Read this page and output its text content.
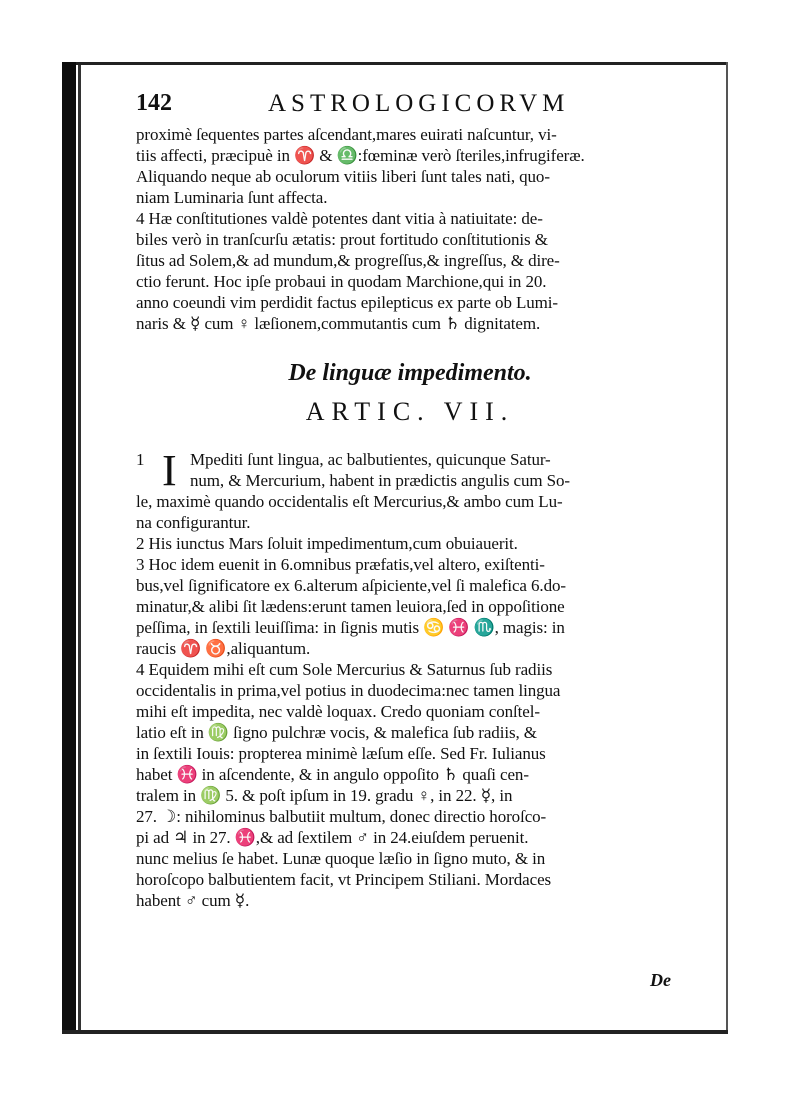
142	ASTROLOGICORVM
proximè ſequentes partes aſcendant,mares euirati naſcuntur, vi-
tiis affecti, præcipuè in ♈ & ♎:fœminæ verò ſteriles,infrugiferæ.
Aliquando neque ab oculorum vitiis liberi ſunt tales nati, quo-
niam Luminaria ſunt affecta.
4 Hæ conſtitutiones valdè potentes dant vitia à natiuitate: de-
biles verò in tranſcurſu ætatis: prout fortitudo conſtitutionis &
ſitus ad Solem,& ad mundum,& progreſſus,& ingreſſus, & dire-
ctio ferunt. Hoc ipſe probaui in quodam Marchione,qui in 20.
anno coeundi vim perdidit factus epilepticus ex parte ob Lumi-
naris & ☿ cum ♀ læſionem,commutantis cum ♄ dignitatem.
De linguæ impedimento.
ARTIC. VII.
1 I Mpediti ſunt lingua, ac balbutientes, quicunque Satur-
num, & Mercurium, habent in prædictis angulis cum So-
le, maximè quando occidentalis eſt Mercurius,& ambo cum Lu-
na configurantur.
2 His iunctus Mars ſoluit impedimentum,cum obuiauerit.
3 Hoc idem euenit in 6.omnibus præfatis,vel altero, exiſtenti-
bus,vel ſignificatore ex 6.alterum aſpiciente,vel ſi malefica 6.do-
minatur,& alibi ſit lædens:erunt tamen leuiora,ſed in oppoſitione
peſſima, in ſextili leuiſſima: in ſignis mutis ♋ ♓ ♏, magis: in
raucis ♈ ♉,aliquantum.
4 Equidem mihi eſt cum Sole Mercurius & Saturnus ſub radiis
occidentalis in prima,vel potius in duodecima:nec tamen lingua
mihi eſt impedita, nec valdè loquax. Credo quoniam conſtel-
latio eſt in ♍ ſigno pulchræ vocis, & malefica ſub radiis, &
in ſextili Iouis: propterea minimè læſum eſſe. Sed Fr. Iulianus
habet ♓ in aſcendente, & in angulo oppoſito ♄ quaſi cen-
tralem in ♍ 5. & poſt ipſum in 19. gradu ♀, in 22. ☿, in
27. ☽: nihilominus balbutiit multum, donec directio horoſco-
pi ad ♃ in 27. ♓,& ad ſextilem ♂ in 24.eiuſdem peruenit.
nunc melius ſe habet. Lunæ quoque læſio in ſigno muto, & in
horoſcopo balbutientem facit, vt Principem Stiliani. Mordaces
habent ♂ cum ☿.
De
